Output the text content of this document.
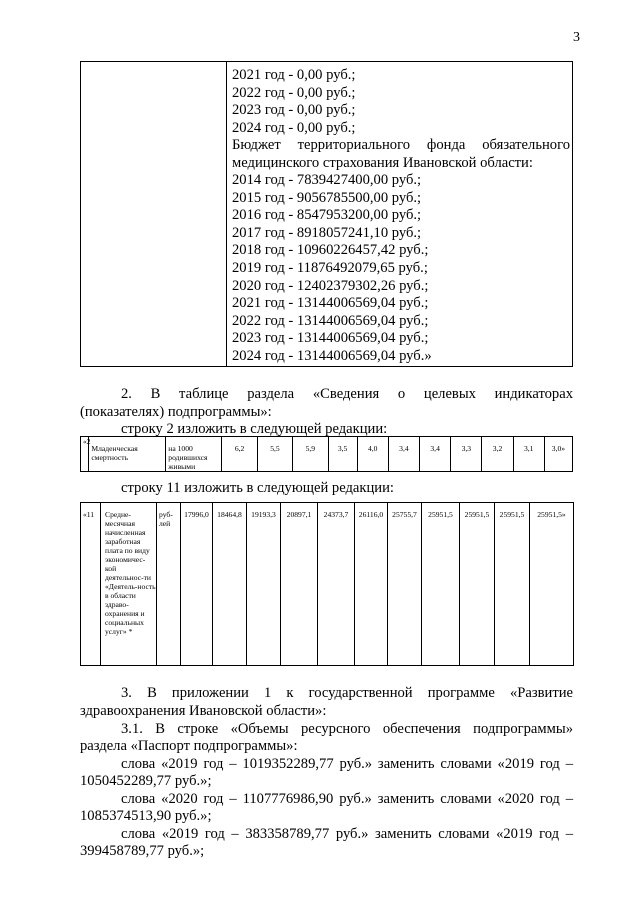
3
2021 год - 0,00 руб.;
2022 год - 0,00 руб.;
2023 год - 0,00 руб.;
2024 год - 0,00 руб.;
Бюджет территориального фонда обязательного
медицинского страхования Ивановской области:
2014 год - 7839427400,00 руб.;
2015 год - 9056785500,00 руб.;
2016 год - 8547953200,00 руб.;
2017 год - 8918057241,10 руб.;
2018 год - 10960226457,42 руб.;
2019 год - 11876492079,65 руб.;
2020 год - 12402379302,26 руб.;
2021 год - 13144006569,04 руб.;
2022 год - 13144006569,04 руб.;
2023 год - 13144006569,04 руб.;
2024 год - 13144006569,04 руб.»
2. В таблице раздела «Сведения о целевых индикаторах
(показателях) подпрограммы»:
строку 2 изложить в следующей редакции:
«2	Младенческая смертность	на 1000 родившихся живыми	6,2	5,5	5,9	3,5	4,0	3,4	3,4	3,3	3,2	3,1	3,0»
строку 11 изложить в следующей редакции:
«11	Средне-месячная начисленная заработная плата по виду экономичес-кой деятельнос-ти «Деятель-ность в области здраво-охранения и социальных услуг» *	руб-лей	17996,0	18464,8	19193,3	20897,1	24373,7	26116,0	25755,7	25951,5	25951,5	25951,5	25951,5»
3. В приложении 1 к государственной программе «Развитие
здравоохранения Ивановской области»:
3.1. В строке «Объемы ресурсного обеспечения подпрограммы»
раздела «Паспорт подпрограммы»:
слова «2019 год – 1019352289,77 руб.» заменить словами «2019 год –
1050452289,77 руб.»;
слова «2020 год – 1107776986,90 руб.» заменить словами «2020 год –
1085374513,90 руб.»;
слова «2019 год – 383358789,77 руб.» заменить словами «2019 год –
399458789,77 руб.»;
